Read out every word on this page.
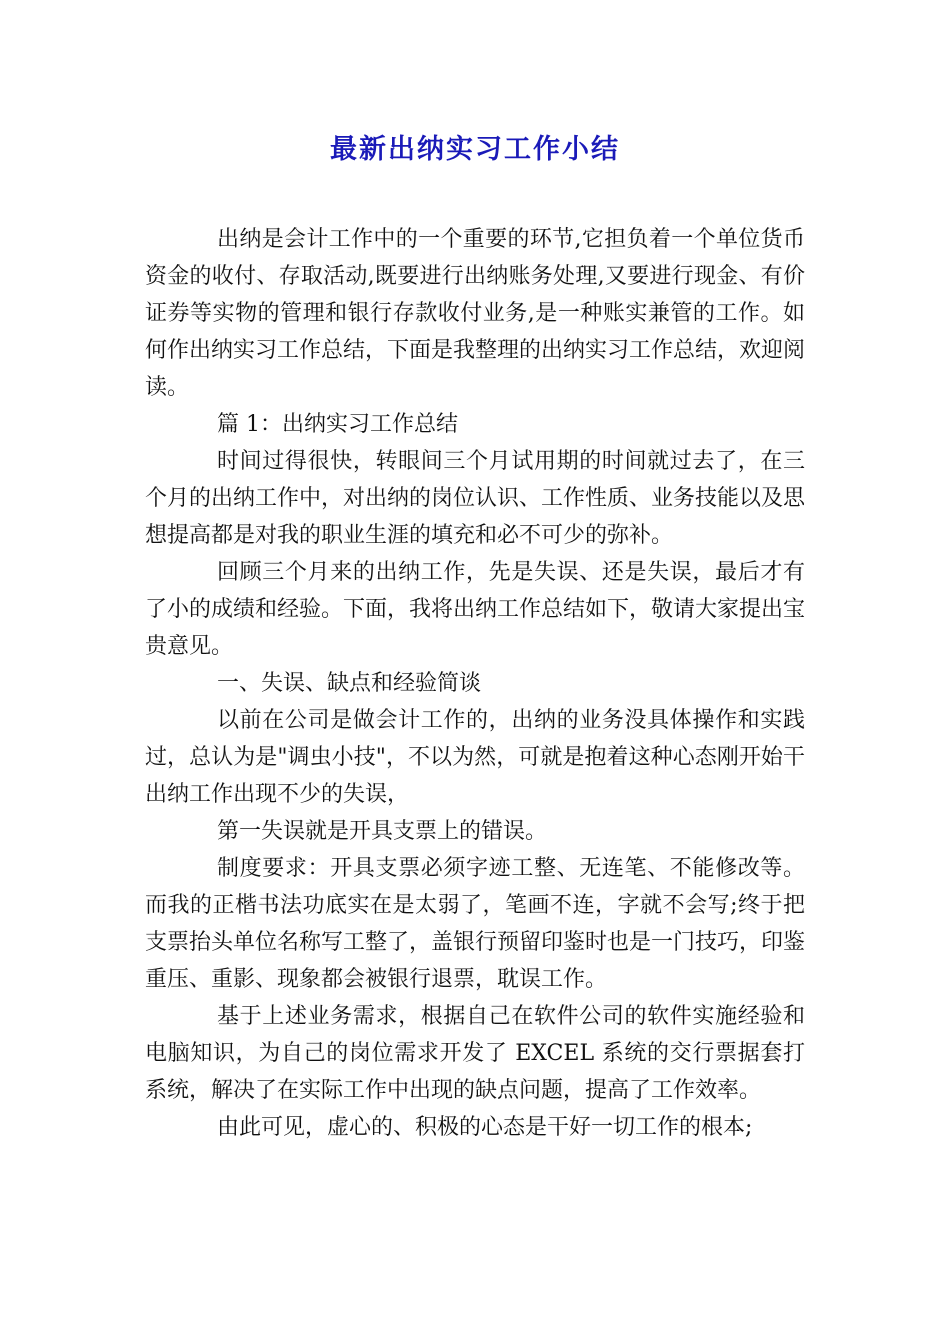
最新出纳实习工作小结

出纳是会计工作中的一个重要的环节,它担负着一个单位货币资金的收付、存取活动,既要进行出纳账务处理,又要进行现金、有价证券等实物的管理和银行存款收付业务,是一种账实兼管的工作。如何作出纳实习工作总结，下面是我整理的出纳实习工作总结，欢迎阅读。

篇 1：出纳实习工作总结

时间过得很快，转眼间三个月试用期的时间就过去了，在三个月的出纳工作中，对出纳的岗位认识、工作性质、业务技能以及思想提高都是对我的职业生涯的填充和必不可少的弥补。

回顾三个月来的出纳工作，先是失误、还是失误，最后才有了小的成绩和经验。下面，我将出纳工作总结如下，敬请大家提出宝贵意见。

一、失误、缺点和经验简谈

以前在公司是做会计工作的，出纳的业务没具体操作和实践过，总认为是"调虫小技"，不以为然，可就是抱着这种心态刚开始干出纳工作出现不少的失误，

第一失误就是开具支票上的错误。

制度要求：开具支票必须字迹工整、无连笔、不能修改等。而我的正楷书法功底实在是太弱了，笔画不连，字就不会写;终于把支票抬头单位名称写工整了，盖银行预留印鉴时也是一门技巧，印鉴重压、重影、现象都会被银行退票，耽误工作。

基于上述业务需求，根据自己在软件公司的软件实施经验和电脑知识，为自己的岗位需求开发了 EXCEL 系统的交行票据套打系统，解决了在实际工作中出现的缺点问题，提高了工作效率。

由此可见，虚心的、积极的心态是干好一切工作的根本;
